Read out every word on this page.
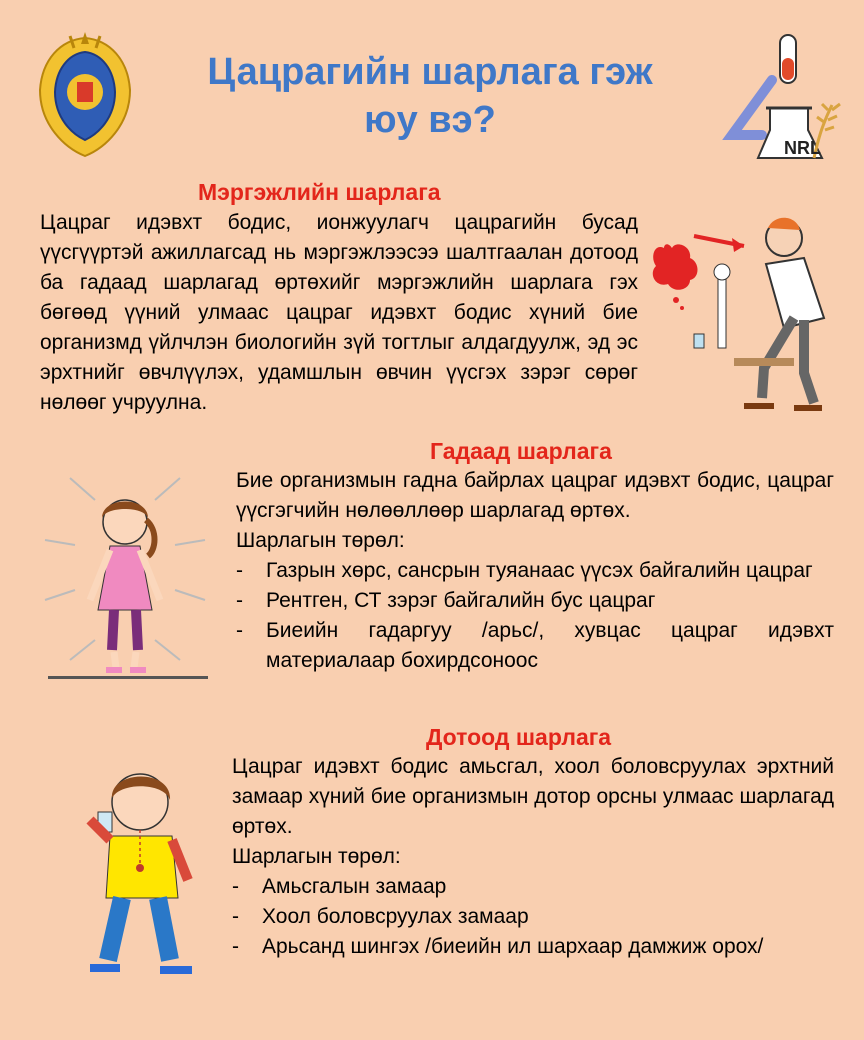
NRL
Цацрагийн шарлага гэж
юу вэ?
Мэргэжлийн шарлага
Цацраг идэвхт бодис, ионжуулагч цацрагийн бусад үүсгүүртэй ажиллагсад нь мэргэжлээсээ шалтгаалан дотоод ба гадаад шарлагад өртөхийг мэргэжлийн шарлага гэх бөгөөд үүний улмаас цацраг идэвхт бодис хүний бие организмд үйлчлэн биологийн зүй тогтлыг алдагдуулж, эд эс эрхтнийг өвчлүүлэх, удамшлын өвчин үүсгэх зэрэг сөрөг нөлөөг учруулна.
Гадаад шарлага
Бие организмын гадна байрлах цацраг идэвхт бодис, цацраг үүсгэгчийн нөлөөллөөр шарлагад өртөх.
Шарлагын төрөл:
-	Газрын хөрс, сансрын туяанаас үүсэх байгалийн цацраг
-	Рентген, СТ зэрэг байгалийн бус цацраг
-	Биеийн гадаргуу /арьс/, хувцас цацраг идэвхт материалаар бохирдсоноос
Дотоод шарлага
Цацраг идэвхт бодис амьсгал, хоол боловсруулах эрхтний замаар хүний бие организмын дотор орсны улмаас шарлагад өртөх.
Шарлагын төрөл:
-	Амьсгалын замаар
-	Хоол боловсруулах замаар
-	Арьсанд шингэх /биеийн ил шархаар дамжиж орох/
